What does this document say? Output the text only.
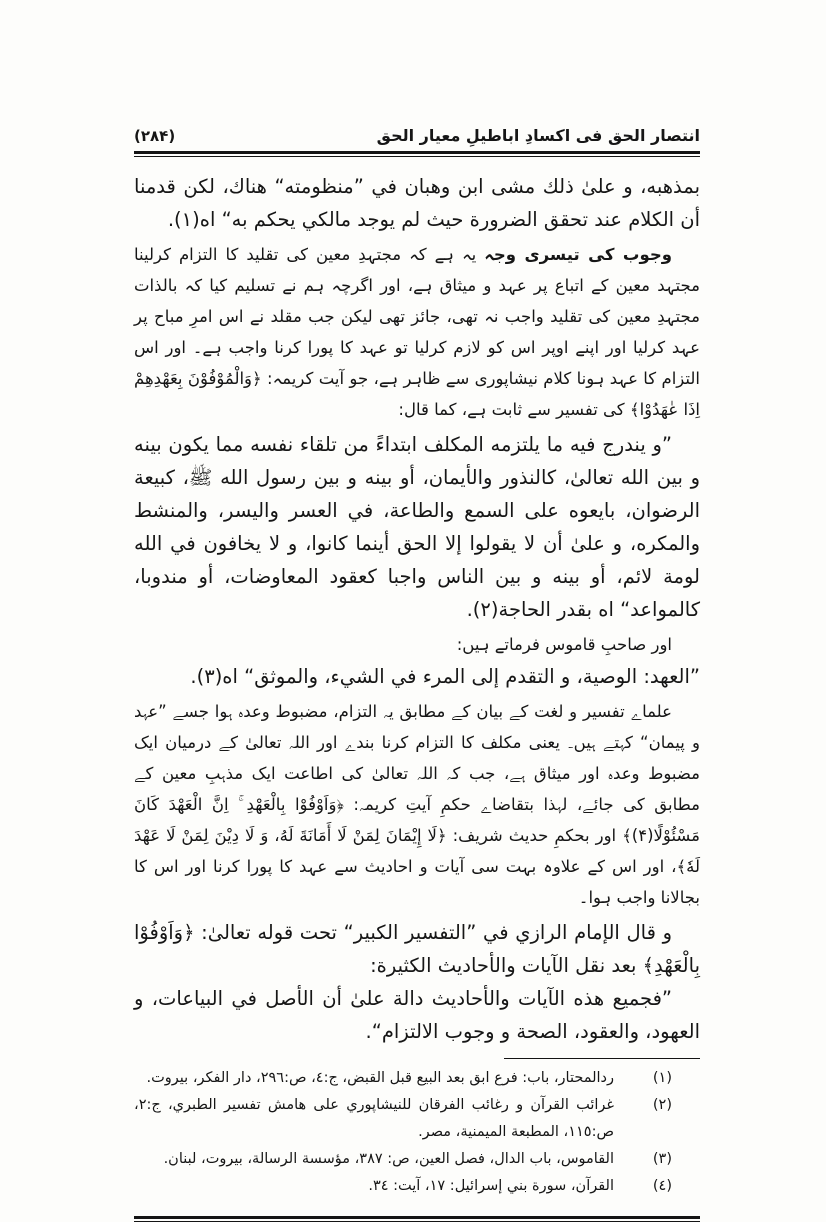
انتصار الحق فی اکسادِ اباطیلِ معیار الحق
(۲۸۴)

بمذهبه، و علىٰ ذلك مشى ابن وهبان في ”منظومته“ هناك، لكن قدمنا أن الكلام عند تحقق الضرورة حيث لم يوجد مالكي يحكم به“ اه(١).

وجوب کی تیسری وجہ یہ ہے کہ مجتہدِ معین کی تقلید کا التزام کرلینا مجتہد معین کے اتباع پر عہد و میثاق ہے، اور اگرچہ ہم نے تسلیم کیا کہ بالذات مجتہدِ معین کی تقلید واجب نہ تھی، جائز تھی لیکن جب مقلد نے اس امرِ مباح پر عہد کرلیا اور اپنے اوپر اس کو لازم کرلیا تو عہد کا پورا کرنا واجب ہے۔ اور اس التزام کا عہد ہونا کلام نیشاپوری سے ظاہر ہے، جو آیت کریمہ: ﴿وَالْمُوْفُوْنَ بِعَهْدِهِمْ اِذَا عٰهَدُوْا﴾ کی تفسیر سے ثابت ہے، کما قال:

”و يندرج فيه ما يلتزمه المكلف ابتداءً من تلقاء نفسه مما يكون بينه و بين الله تعالىٰ، كالنذور والأيمان، أو بينه و بين رسول الله ﷺ، كبيعة الرضوان، بايعوه على السمع والطاعة، في العسر واليسر، والمنشط والمكره، و علىٰ أن لا يقولوا إلا الحق أينما كانوا، و لا يخافون في الله لومة لائم، أو بينه و بين الناس واجبا كعقود المعاوضات، أو مندوبا، كالمواعد“ اه بقدر الحاجة(٢).

اور صاحبِ قاموس فرماتے ہیں:

”العهد: الوصية، و التقدم إلى المرء في الشيء، والموثق“ اه(٣).

علماے تفسیر و لغت کے بیان کے مطابق یہ التزام، مضبوط وعدہ ہوا جسے ”عہد و پیمان“ کہتے ہیں۔ یعنی مکلف کا التزام کرنا بندے اور اللہ تعالیٰ کے درمیان ایک مضبوط وعدہ اور میثاق ہے، جب کہ اللہ تعالیٰ کی اطاعت ایک مذہبِ معین کے مطابق کی جائے، لہذا بتقاضاے حکمِ آیتِ کریمہ: ﴿وَاَوْفُوْا بِالْعَهْدِ ۚ اِنَّ الْعَهْدَ كَانَ مَسْئُوْلًا(۴)﴾ اور بحکمِ حدیث شریف: ﴿لَا إِيْمَانَ لِمَنْ لَا أَمَانَةَ لَهُ، وَ لَا دِيْنَ لِمَنْ لَا عَهْدَ لَهٗ﴾، اور اس کے علاوہ بہت سی آیات و احادیث سے عہد کا پورا کرنا اور اس کا بجالانا واجب ہوا۔

و قال الإمام الرازي في ”التفسير الكبير“ تحت قوله تعالىٰ: ﴿وَاَوْفُوْا بِالْعَهْدِ﴾ بعد نقل الآيات والأحاديث الكثيرة:

”فجميع هذه الآيات والأحاديث دالة علىٰ أن الأصل في البياعات، و العهود، والعقود، الصحة و وجوب الالتزام“.

(١)
ردالمحتار، باب: فرع ابق بعد البيع قبل القبض، ج:٤، ص:٢٩٦، دار الفكر، بيروت.
(٢)
غرائب القرآن و رغائب الفرقان للنيشاپوري على هامش تفسير الطبري، ج:٢، ص:١١٥، المطبعة الميمنية، مصر.
(٣)
القاموس، باب الدال، فصل العين، ص: ٣٨٧، مؤسسة الرسالة، بيروت، لبنان.
(٤)
القرآن، سورة بني إسرائيل: ١٧، آيت: ٣٤.
